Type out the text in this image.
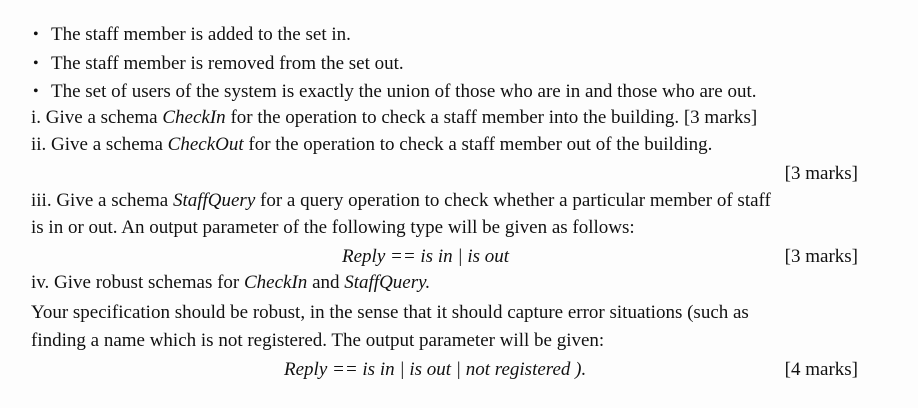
• The staff member is added to the set in.
• The staff member is removed from the set out.
• The set of users of the system is exactly the union of those who are in and those who are out.
i. Give a schema CheckIn for the operation to check a staff member into the building. [3 marks]
ii. Give a schema CheckOut for the operation to check a staff member out of the building.
[3 marks]
iii. Give a schema StaffQuery for a query operation to check whether a particular member of staff
is in or out. An output parameter of the following type will be given as follows:
Reply == is in | is out	[3 marks]
iv. Give robust schemas for CheckIn and StaffQuery.
Your specification should be robust, in the sense that it should capture error situations (such as
finding a name which is not registered. The output parameter will be given:
Reply == is in | is out | not registered ).	[4 marks]
